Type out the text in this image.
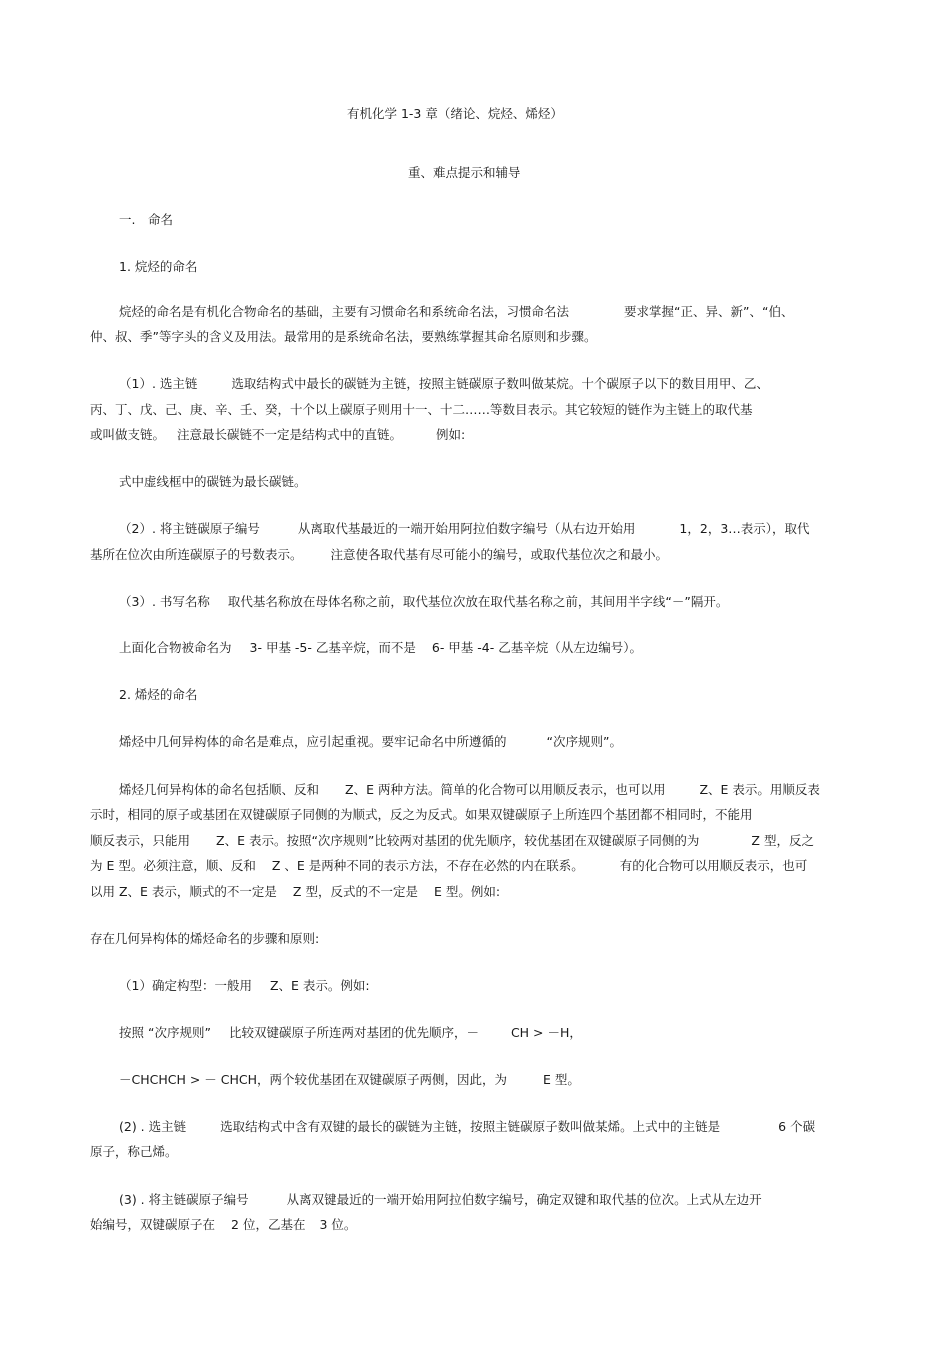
有机化学 1-3 章（绪论、烷烃、烯烃）
重、难点提示和辅导
一.　命名
1. 烷烃的命名
烷烃的命名是有机化合物命名的基础，主要有习惯命名和系统命名法，习惯命名法	要求掌握“正、异、新”、“伯、
仲、叔、季”等字头的含义及用法。最常用的是系统命名法，要熟练掌握其命名原则和步骤。
（1）. 选主链	选取结构式中最长的碳链为主链，按照主链碳原子数叫做某烷。十个碳原子以下的数目用甲、乙、
丙、丁、戊、己、庚、辛、壬、癸，十个以上碳原子则用十一、十二……等数目表示。其它较短的链作为主链上的取代基
或叫做支链。 注意最长碳链不一定是结构式中的直链。	例如:
式中虚线框中的碳链为最长碳链。
（2）. 将主链碳原子编号	从离取代基最近的一端开始用阿拉伯数字编号（从右边开始用	1，2，3…表示），取代
基所在位次由所连碳原子的号数表示。 注意使各取代基有尽可能小的编号，或取代基位次之和最小。
（3）. 书写名称 取代基名称放在母体名称之前，取代基位次放在取代基名称之前，其间用半字线“－”隔开。
上面化合物被命名为 3- 甲基 -5- 乙基辛烷，而不是 6- 甲基 -4- 乙基辛烷（从左边编号）。
2. 烯烃的命名
烯烃中几何异构体的命名是难点，应引起重视。要牢记命名中所遵循的	“次序规则”。
烯烃几何异构体的命名包括顺、反和 Z、E 两种方法。简单的化合物可以用顺反表示，也可以用	Z、E 表示。用顺反表
示时，相同的原子或基团在双键碳原子同侧的为顺式，反之为反式。如果双键碳原子上所连四个基团都不相同时，不能用
顺反表示，只能用 Z、E 表示。按照“次序规则”比较两对基团的优先顺序，较优基团在双键碳原子同侧的为	Z 型，反之
为 E 型。必须注意，顺、反和 Z 、E 是两种不同的表示方法，不存在必然的内在联系。	有的化合物可以用顺反表示，也可
以用 Z、E 表示，顺式的不一定是 Z 型，反式的不一定是 E 型。例如:
存在几何异构体的烯烃命名的步骤和原则:
（1）确定构型：一般用 Z、E 表示。例如:
按照 “次序规则” 比较双键碳原子所连两对基团的优先顺序，－	CH > －H，
－CHCHCH > － CHCH，两个较优基团在双键碳原子两侧，因此，为	E 型。
(2) . 选主链	选取结构式中含有双键的最长的碳链为主链，按照主链碳原子数叫做某烯。上式中的主链是	6 个碳
原子，称己烯。
(3) . 将主链碳原子编号	从离双键最近的一端开始用阿拉伯数字编号，确定双键和取代基的位次。上式从左边开
始编号，双键碳原子在 2 位，乙基在 3 位。
